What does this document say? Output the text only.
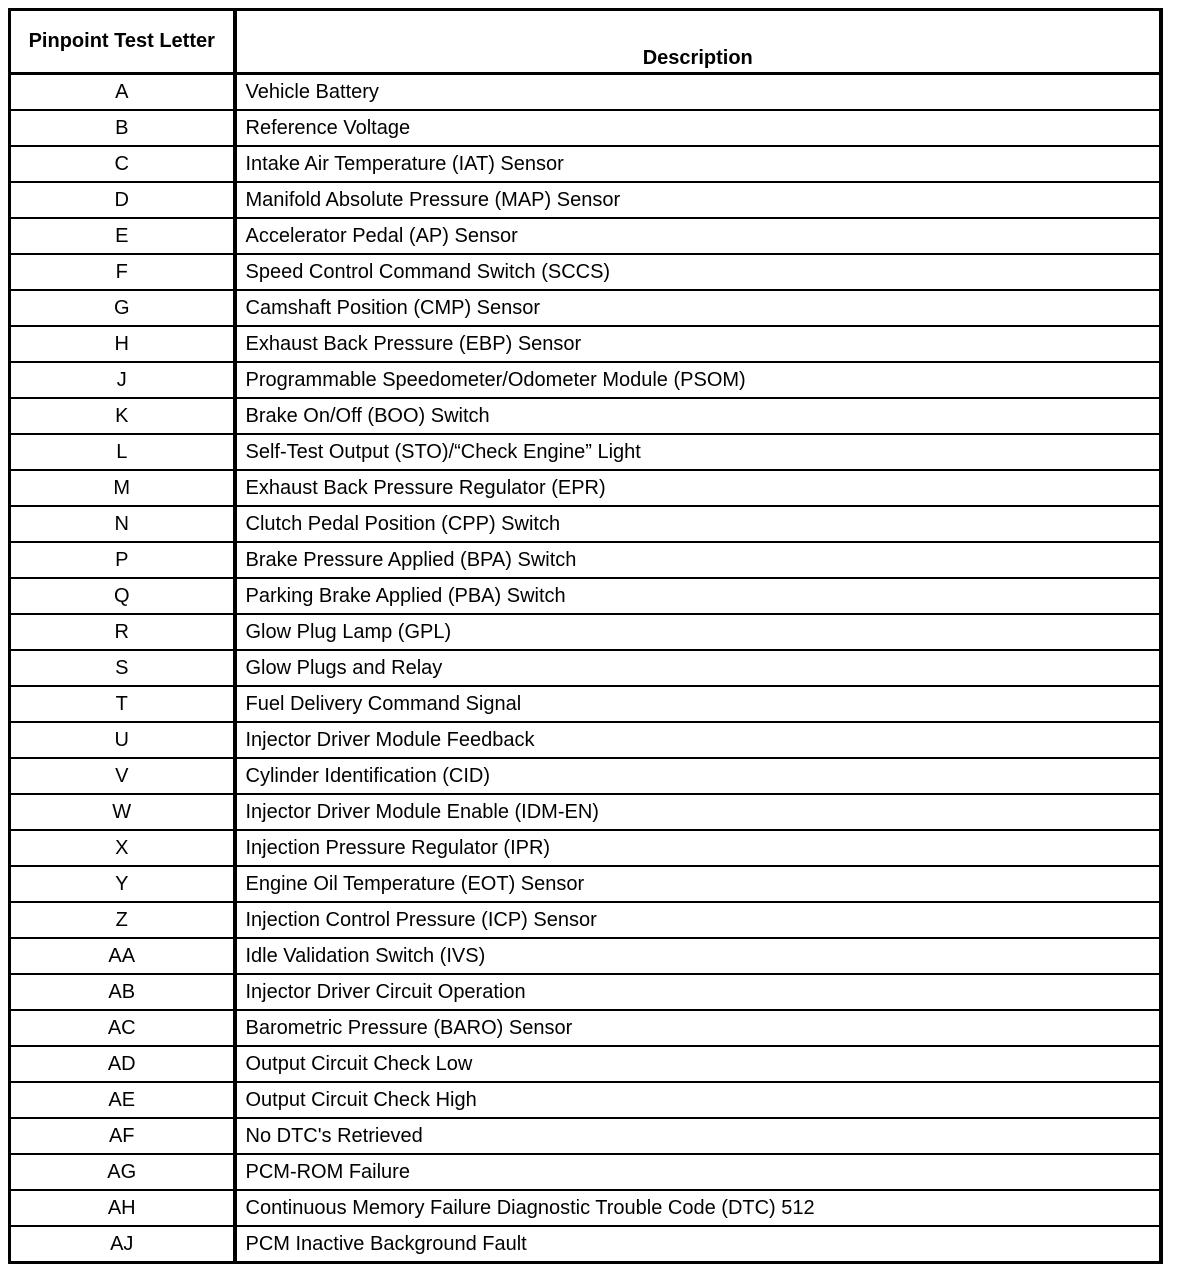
Pinpoint Test Letter	Description
A	Vehicle Battery
B	Reference Voltage
C	Intake Air Temperature (IAT) Sensor
D	Manifold Absolute Pressure (MAP) Sensor
E	Accelerator Pedal (AP) Sensor
F	Speed Control Command Switch (SCCS)
G	Camshaft Position (CMP) Sensor
H	Exhaust Back Pressure (EBP) Sensor
J	Programmable Speedometer/Odometer Module (PSOM)
K	Brake On/Off (BOO) Switch
L	Self-Test Output (STO)/“Check Engine” Light
M	Exhaust Back Pressure Regulator (EPR)
N	Clutch Pedal Position (CPP) Switch
P	Brake Pressure Applied (BPA) Switch
Q	Parking Brake Applied (PBA) Switch
R	Glow Plug Lamp (GPL)
S	Glow Plugs and Relay
T	Fuel Delivery Command Signal
U	Injector Driver Module Feedback
V	Cylinder Identification (CID)
W	Injector Driver Module Enable (IDM-EN)
X	Injection Pressure Regulator (IPR)
Y	Engine Oil Temperature (EOT) Sensor
Z	Injection Control Pressure (ICP) Sensor
AA	Idle Validation Switch (IVS)
AB	Injector Driver Circuit Operation
AC	Barometric Pressure (BARO) Sensor
AD	Output Circuit Check Low
AE	Output Circuit Check High
AF	No DTC's Retrieved
AG	PCM-ROM Failure
AH	Continuous Memory Failure Diagnostic Trouble Code (DTC) 512
AJ	PCM Inactive Background Fault
